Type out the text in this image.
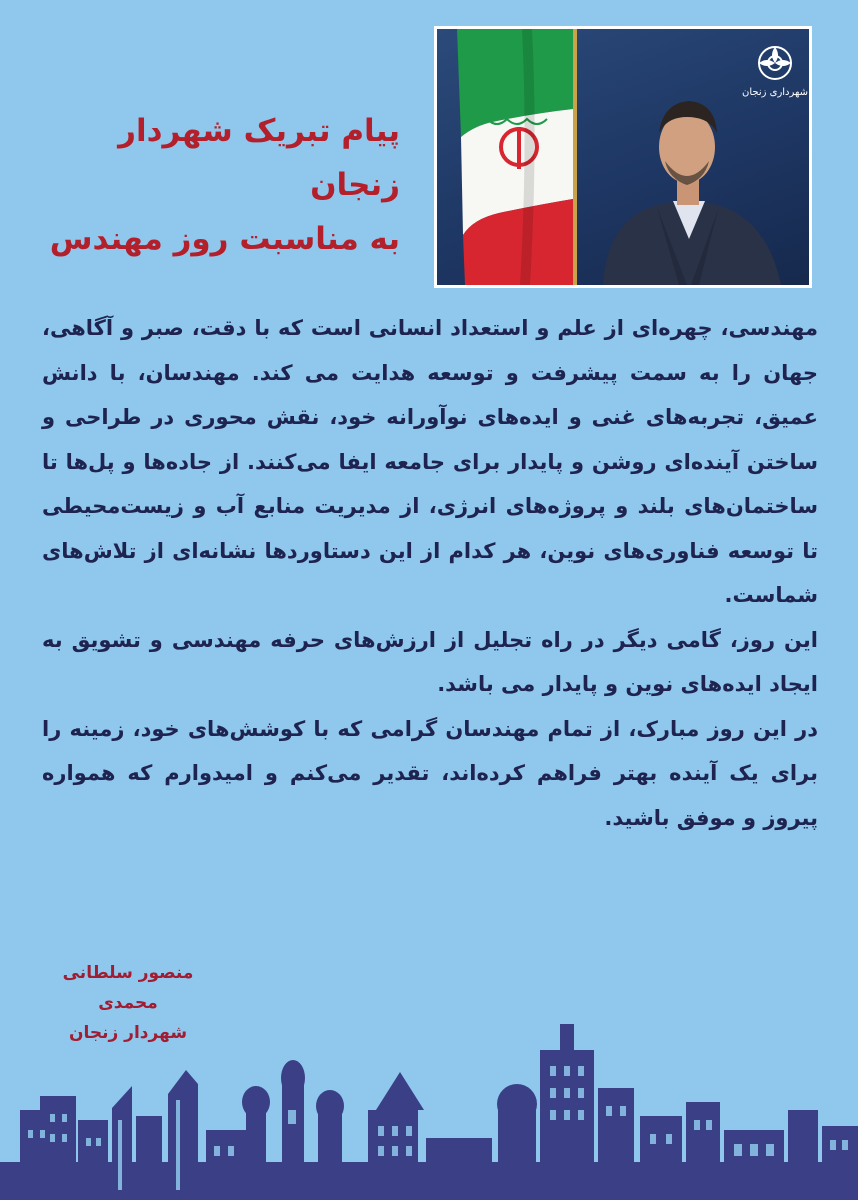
شهرداری زنجان
پیام تبریک شهردار زنجان
به مناسبت روز مهندس

مهندسی، چهره‌ای از علم و استعداد انسانی است که با دقت، صبر و آگاهی، جهان را به سمت پیشرفت و توسعه هدایت می کند. مهندسان، با دانش عمیق، تجربه‌های غنی و ایده‌های نوآورانه خود، نقش محوری در طراحی و ساختن آینده‌ای روشن و پایدار برای جامعه ایفا می‌کنند. از جاده‌ها و پل‌ها تا ساختمان‌های بلند و پروژه‌های انرژی، از مدیریت منابع آب و زیست‌محیطی تا توسعه فناوری‌های نوین، هر کدام از این دستاوردها نشانه‌ای از تلاش‌های شماست.

این روز، گامی دیگر در راه تجلیل از ارزش‌های حرفه مهندسی و تشویق به ایجاد ایده‌های نوین و پایدار می باشد.

در این روز مبارک، از تمام مهندسان گرامی که با کوشش‌های خود، زمینه را برای یک آینده بهتر فراهم کرده‌اند، تقدیر می‌کنم و امیدوارم که همواره پیروز و موفق باشید.

منصور سلطانی محمدی
شهردار زنجان
